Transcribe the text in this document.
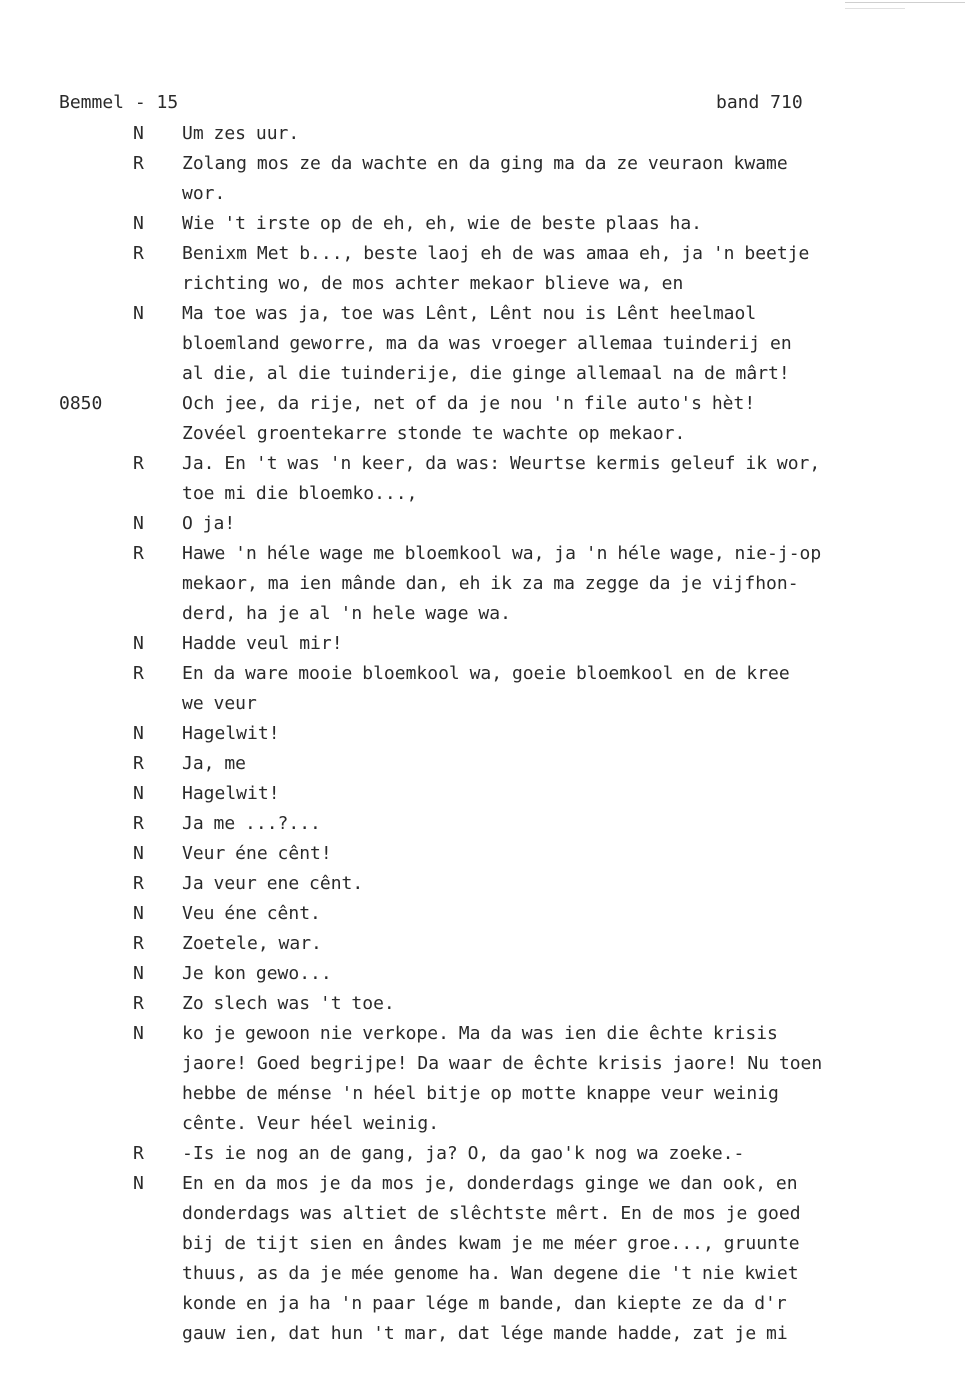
Bemmel - 15	band 710
N Um zes uur.
R Zolang mos ze da wachte en da ging ma da ze veuraon kwame
wor.
N Wie 't irste op de eh, eh, wie de beste plaas ha.
R Benixm Met b..., beste laoj eh de was amaa eh, ja 'n beetje
richting wo, de mos achter mekaor blieve wa, en
N
0850
Ma toe was ja, toe was Lênt, Lênt nou is Lênt heelmaol
bloemland geworre, ma da was vroeger allemaa tuinderij en
al die, al die tuinderije, die ginge allemaal na de mârt!
Och jee, da rije, net of da je nou 'n file auto's hèt!
Zovéel groentekarre stonde te wachte op mekaor.
R Ja. En 't was 'n keer, da was: Weurtse kermis geleuf ik wor,
toe mi die bloemko...,
N O ja!
R Hawe 'n héle wage me bloemkool wa, ja 'n héle wage, nie-j-op
mekaor, ma ien mânde dan, eh ik za ma zegge da je vijfhon-
derd, ha je al 'n hele wage wa.
N Hadde veul mir!
R En da ware mooie bloemkool wa, goeie bloemkool en de kree
we veur
N Hagelwit!
R Ja, me
N Hagelwit!
R Ja me ...?...
N Veur éne cênt!
R Ja veur ene cênt.
N Veu éne cênt.
R Zoetele, war.
N Je kon gewo...
R Zo slech was 't toe.
N ko je gewoon nie verkope. Ma da was ien die êchte krisis
jaore! Goed begrijpe! Da waar de êchte krisis jaore! Nu toen
hebbe de ménse 'n héel bitje op motte knappe veur weinig
cênte. Veur héel weinig.
R -Is ie nog an de gang, ja? O, da gao'k nog wa zoeke.-
N En en da mos je da mos je, donderdags ginge we dan ook, en
donderdags was altiet de slêchtste mêrt. En de mos je goed
bij de tijt sien en ândes kwam je me méer groe..., gruunte
thuus, as da je mée genome ha. Wan degene die 't nie kwiet
konde en ja ha 'n paar lége m bande, dan kiepte ze da d'r
gauw ien, dat hun 't mar, dat lége mande hadde, zat je mi
